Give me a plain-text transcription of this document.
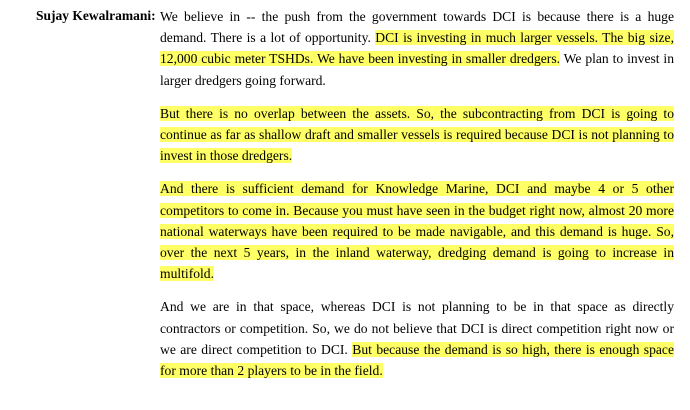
Sujay Kewalramani: We believe in -- the push from the government towards DCI is because there is a huge demand. There is a lot of opportunity. DCI is investing in much larger vessels. The big size, 12,000 cubic meter TSHDs. We have been investing in smaller dredgers. We plan to invest in larger dredgers going forward.

But there is no overlap between the assets. So, the subcontracting from DCI is going to continue as far as shallow draft and smaller vessels is required because DCI is not planning to invest in those dredgers.

And there is sufficient demand for Knowledge Marine, DCI and maybe 4 or 5 other competitors to come in. Because you must have seen in the budget right now, almost 20 more national waterways have been required to be made navigable, and this demand is huge. So, over the next 5 years, in the inland waterway, dredging demand is going to increase in multifold.

And we are in that space, whereas DCI is not planning to be in that space as directly contractors or competition. So, we do not believe that DCI is direct competition right now or we are direct competition to DCI. But because the demand is so high, there is enough space for more than 2 players to be in the field.
